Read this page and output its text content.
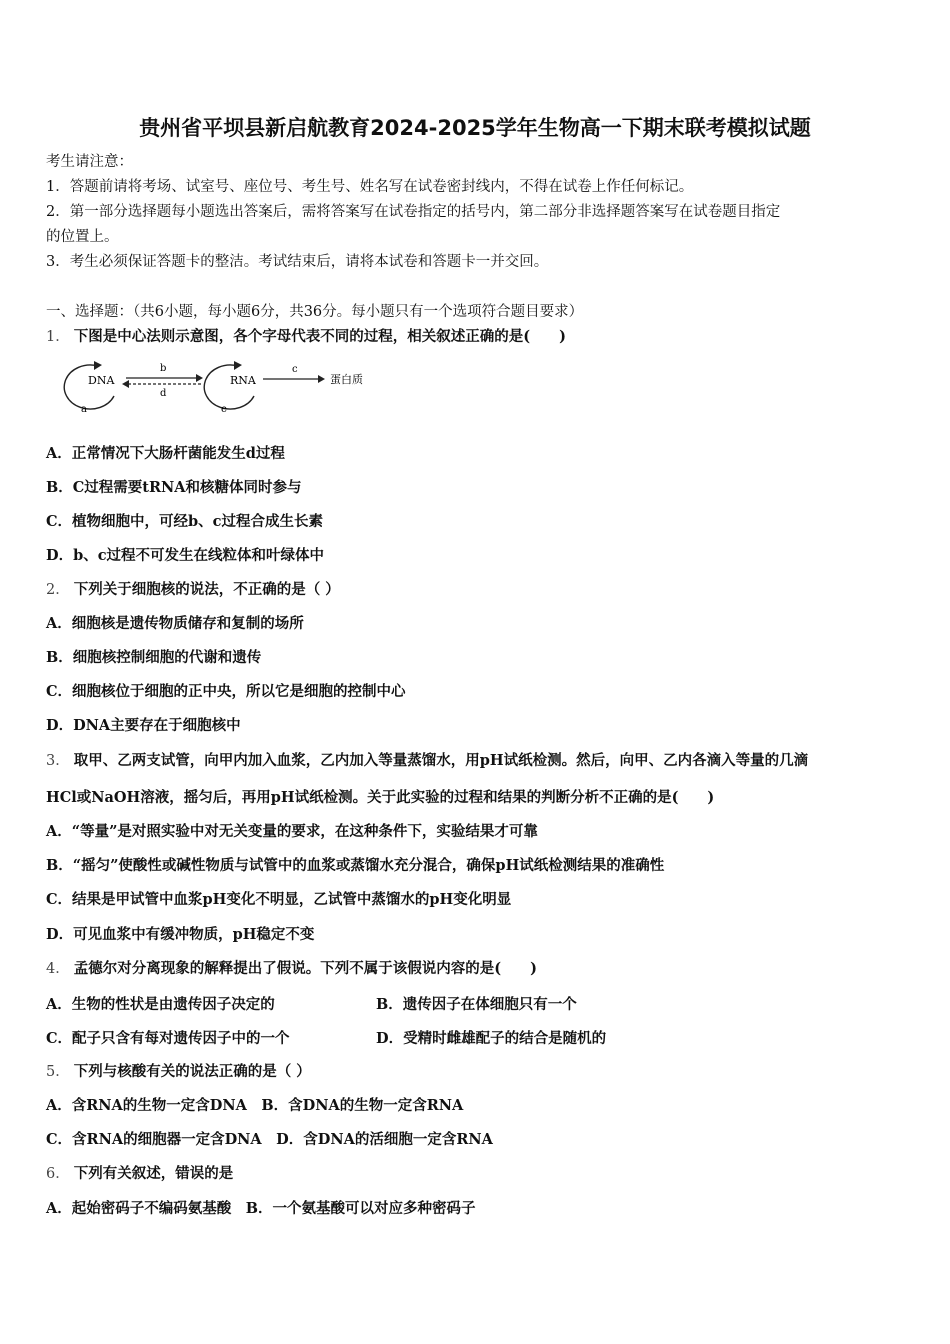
贵州省平坝县新启航教育2024-2025学年生物高一下期末联考模拟试题
考生请注意：
1．答题前请将考场、试室号、座位号、考生号、姓名写在试卷密封线内，不得在试卷上作任何标记。
2．第一部分选择题每小题选出答案后，需将答案写在试卷指定的括号内，第二部分非选择题答案写在试卷题目指定
的位置上。
3．考生必须保证答题卡的整洁。考试结束后，请将本试卷和答题卡一并交回。
一、选择题：（共6小题，每小题6分，共36分。每小题只有一个选项符合题目要求）
1． 下图是中心法则示意图，各个字母代表不同的过程，相关叙述正确的是(　　)
DNA
a
b
d
RNA
e
c
蛋白质
A．正常情况下大肠杆菌能发生d过程
B．C过程需要tRNA和核糖体同时参与
C．植物细胞中，可经b、c过程合成生长素
D．b、c过程不可发生在线粒体和叶绿体中
2． 下列关于细胞核的说法，不正确的是（ ）
A．细胞核是遗传物质储存和复制的场所
B．细胞核控制细胞的代谢和遗传
C．细胞核位于细胞的正中央，所以它是细胞的控制中心
D．DNA主要存在于细胞核中
3． 取甲、乙两支试管，向甲内加入血浆，乙内加入等量蒸馏水，用pH试纸检测。然后，向甲、乙内各滴入等量的几滴
HCl或NaOH溶液，摇匀后，再用pH试纸检测。关于此实验的过程和结果的判断分析不正确的是(　　)
A．“等量”是对照实验中对无关变量的要求，在这种条件下，实验结果才可靠
B．“摇匀”使酸性或碱性物质与试管中的血浆或蒸馏水充分混合，确保pH试纸检测结果的准确性
C．结果是甲试管中血浆pH变化不明显，乙试管中蒸馏水的pH变化明显
D．可见血浆中有缓冲物质，pH稳定不变
4． 孟德尔对分离现象的解释提出了假说。下列不属于该假说内容的是(　　)
A．生物的性状是由遗传因子决定的	B．遗传因子在体细胞只有一个
C．配子只含有每对遗传因子中的一个	D．受精时雌雄配子的结合是随机的
5． 下列与核酸有关的说法正确的是（ ）
A．含RNA的生物一定含DNA　B．含DNA的生物一定含RNA
C．含RNA的细胞器一定含DNA　D．含DNA的活细胞一定含RNA
6． 下列有关叙述，错误的是
A．起始密码子不编码氨基酸　B．一个氨基酸可以对应多种密码子
